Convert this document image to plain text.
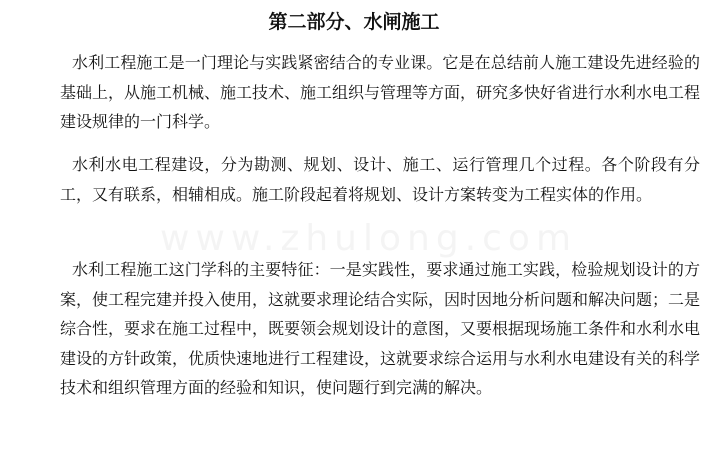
第二部分、水闸施工

水利工程施工是一门理论与实践紧密结合的专业课。它是在总结前人施工建设先进经验的基础上，从施工机械、施工技术、施工组织与管理等方面，研究多快好省进行水利水电工程建设规律的一门科学。

水利水电工程建设，分为勘测、规划、设计、施工、运行管理几个过程。各个阶段有分工，又有联系，相辅相成。施工阶段起着将规划、设计方案转变为工程实体的作用。

水利工程施工这门学科的主要特征：一是实践性，要求通过施工实践，检验规划设计的方案，使工程完建并投入使用，这就要求理论结合实际，因时因地分析问题和解决问题；二是综合性，要求在施工过程中，既要领会规划设计的意图，又要根据现场施工条件和水利水电建设的方针政策，优质快速地进行工程建设，这就要求综合运用与水利水电建设有关的科学技术和组织管理方面的经验和知识，使问题行到完满的解决。

www.zhulong.com
